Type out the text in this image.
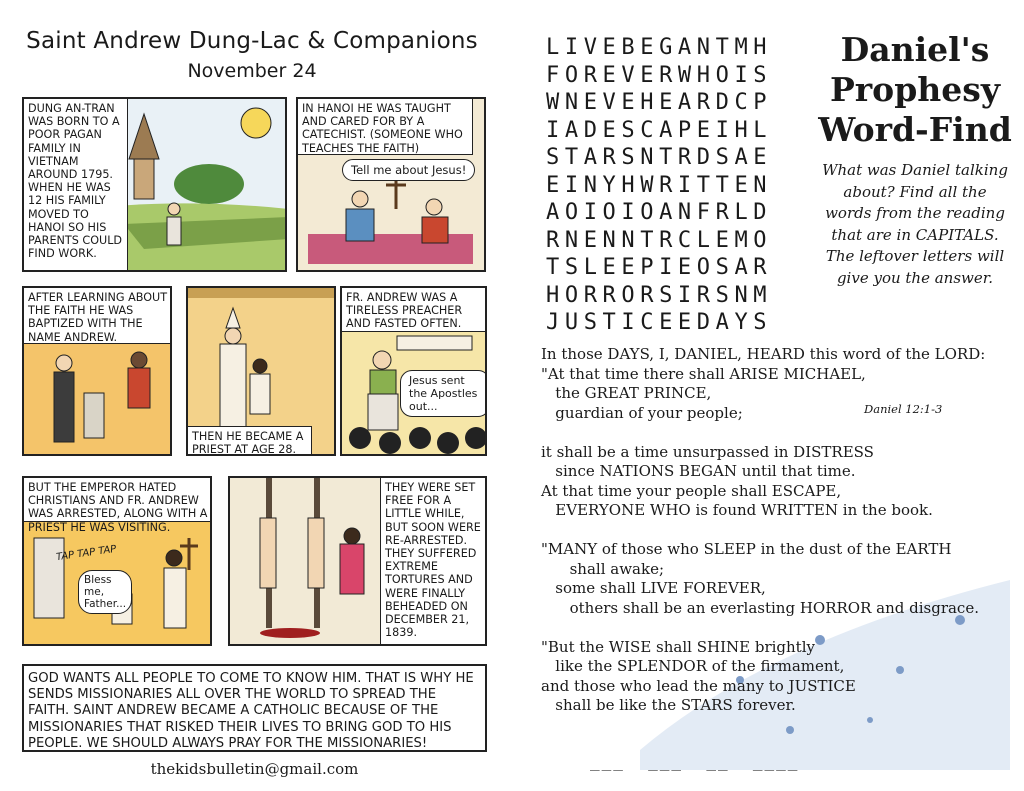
Saint Andrew Dung-Lac & Companions
November 24
DUNG AN-TRAN WAS BORN TO A POOR PAGAN FAMILY IN VIETNAM AROUND 1795. WHEN HE WAS 12 HIS FAMILY MOVED TO HANOI SO HIS PARENTS COULD FIND WORK.
IN HANOI HE WAS TAUGHT AND CARED FOR BY A CATECHIST. (SOMEONE WHO TEACHES THE FAITH)
Tell me about Jesus!
AFTER LEARNING ABOUT THE FAITH HE WAS BAPTIZED WITH THE NAME ANDREW.
THEN HE BECAME A PRIEST AT AGE 28.
FR. ANDREW WAS A TIRELESS PREACHER AND FASTED OFTEN.
Jesus sent the Apostles out...
BUT THE EMPEROR HATED CHRISTIANS AND FR. ANDREW WAS ARRESTED, ALONG WITH A PRIEST HE WAS VISITING.
TAP TAP TAP
Bless me, Father...
THEY WERE SET FREE FOR A LITTLE WHILE, BUT SOON WERE RE-ARRESTED. THEY SUFFERED EXTREME TORTURES AND WERE FINALLY BEHEADED ON DECEMBER 21, 1839.
GOD WANTS ALL PEOPLE TO COME TO KNOW HIM. THAT IS WHY HE SENDS MISSIONARIES ALL OVER THE WORLD TO SPREAD THE FAITH. SAINT ANDREW BECAME A CATHOLIC BECAUSE OF THE MISSIONARIES THAT RISKED THEIR LIVES TO BRING GOD TO HIS PEOPLE. WE SHOULD ALWAYS PRAY FOR THE MISSIONARIES!
thekidsbulletin@gmail.com
LIVEBEGANTMH
FOREVERWHOIS
WNEVEHEARDCP
IADESCAPEIHL
STARSNTRDSAE
EINYHWRITTEN
AOIOIOANFRLD
RNENNTRCLEMO
TSLEEPIEOSAR
HORRORSIRSNM
JUSTICEEDAYS
Daniel's Prophesy Word-Find
What was Daniel talking about? Find all the words from the reading that are in CAPITALS. The leftover letters will give you the answer.
In those DAYS, I, DANIEL, HEARD this word of the LORD:
"At that time there shall ARISE MICHAEL,
the GREAT PRINCE,
guardian of your people;

it shall be a time unsurpassed in DISTRESS
since NATIONS BEGAN until that time.
At that time your people shall ESCAPE,
EVERYONE WHO is found WRITTEN in the book.

"MANY of those who SLEEP in the dust of the EARTH
shall awake;
some shall LIVE FOREVER,
others shall be an everlasting HORROR and disgrace.

"But the WISE shall SHINE brightly
like the SPLENDOR of the firmament,
and those who lead the many to JUSTICE
shall be like the STARS forever.
Daniel 12:1-3
___  ___  __  ____
